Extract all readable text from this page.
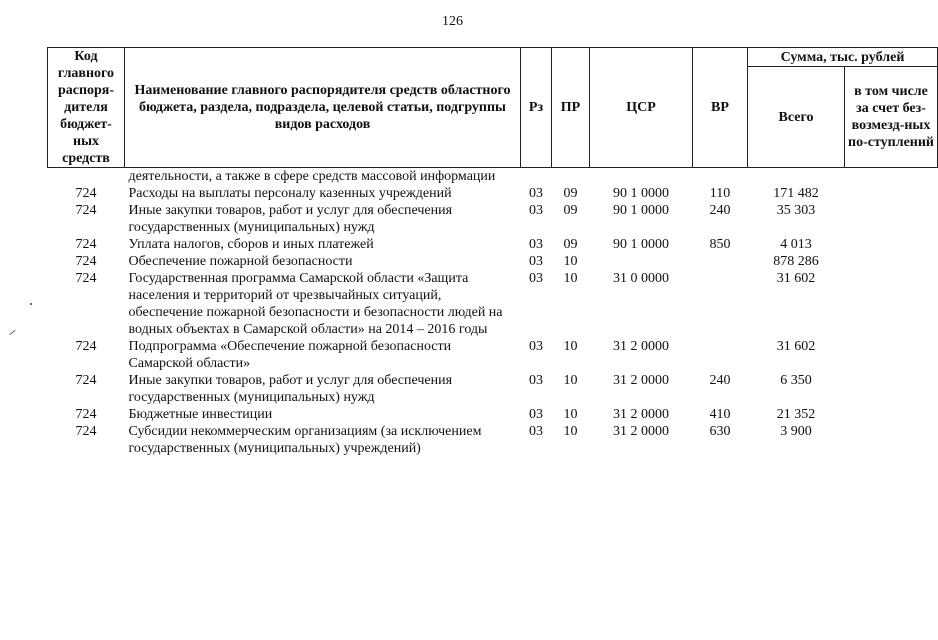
126
Код главного распоря-дителя бюджет-ных средств	Наименование главного распорядителя средств областного бюджета, раздела, подраздела, целевой статьи, подгруппы видов расходов	Рз	ПР	ЦСР	ВР	Сумма, тыс. рублей	
						Всего	в том числе за счет без-возмезд-ных по-ступлений
	деятельности, а также в сфере средств массовой информации						
724	Расходы на выплаты персоналу казенных учреждений	03	09	90 1 0000	110	171 482	
724	Иные закупки товаров, работ и услуг для обеспечения государственных (муниципальных) нужд	03	09	90 1 0000	240	35 303	
724	Уплата налогов, сборов и иных платежей	03	09	90 1 0000	850	4 013	
724	Обеспечение пожарной безопасности	03	10			878 286	
724	Государственная программа Самарской области «Защита населения и территорий от чрезвычайных ситуаций, обеспечение пожарной безопасности и безопасности людей на водных объектах в Самарской области» на 2014 – 2016 годы	03	10	31 0 0000		31 602	
724	Подпрограмма «Обеспечение пожарной безопасности Самарской области»	03	10	31 2 0000		31 602	
724	Иные закупки товаров, работ и услуг для обеспечения государственных (муниципальных) нужд	03	10	31 2 0000	240	6 350	
724	Бюджетные инвестиции	03	10	31 2 0000	410	21 352	
724	Субсидии некоммерческим организациям (за исключением государственных (муниципальных) учреждений)	03	10	31 2 0000	630	3 900	
